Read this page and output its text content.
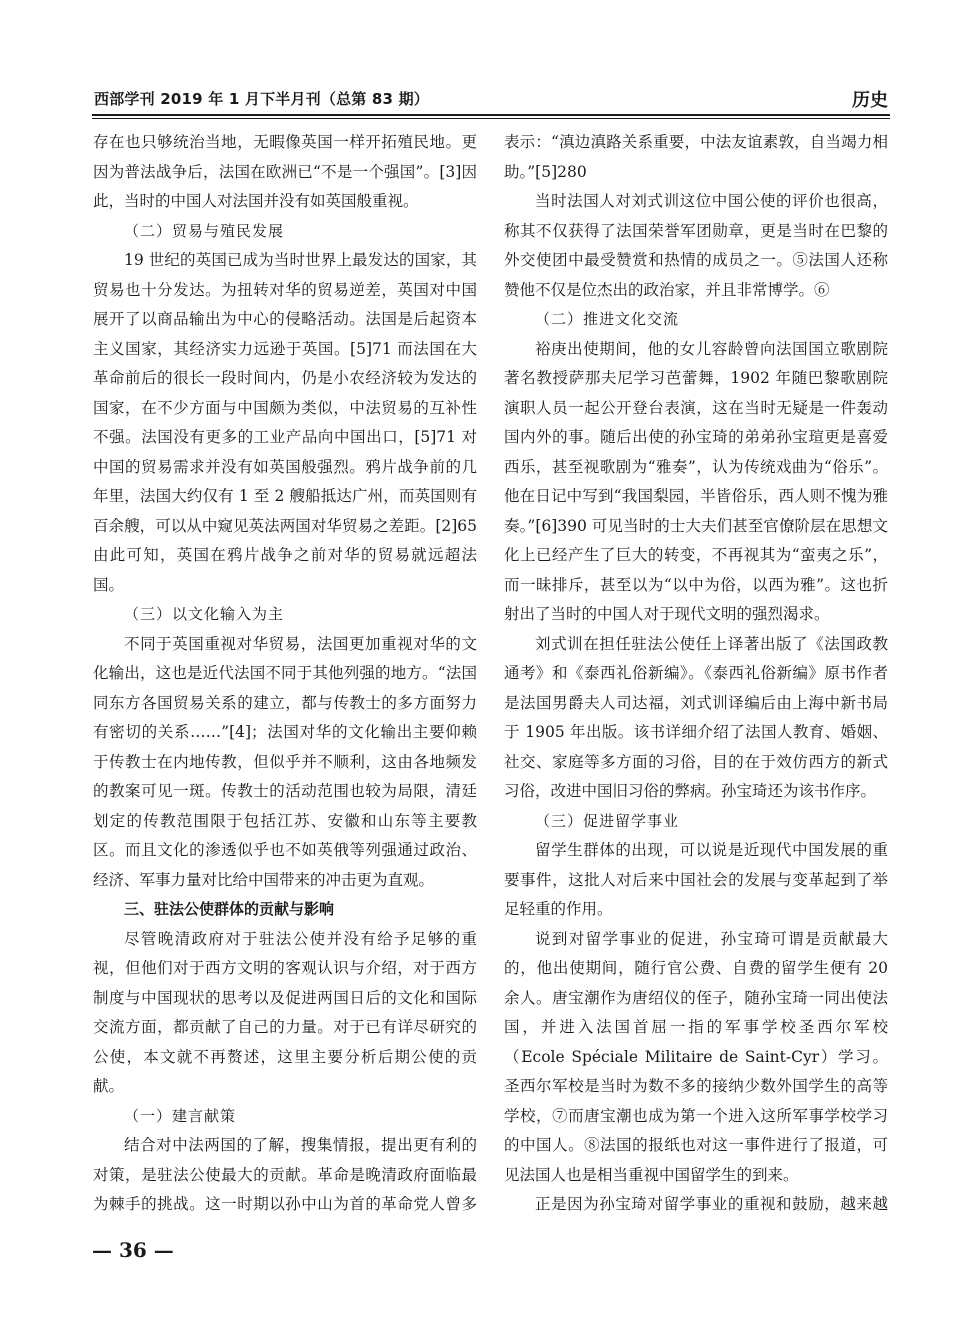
西部学刊 2019 年 1 月下半月刊（总第 83 期）	历史

存在也只够统治当地，无暇像英国一样开拓殖民地。更因为普法战争后，法国在欧洲已“不是一个强国”。[3]因此，当时的中国人对法国并没有如英国般重视。

（二）贸易与殖民发展

19 世纪的英国已成为当时世界上最发达的国家，其贸易也十分发达。为扭转对华的贸易逆差，英国对中国展开了以商品输出为中心的侵略活动。法国是后起资本主义国家，其经济实力远逊于英国。[5]71 而法国在大革命前后的很长一段时间内，仍是小农经济较为发达的国家，在不少方面与中国颇为类似，中法贸易的互补性不强。法国没有更多的工业产品向中国出口，[5]71 对中国的贸易需求并没有如英国般强烈。鸦片战争前的几年里，法国大约仅有 1 至 2 艘船抵达广州，而英国则有百余艘，可以从中窥见英法两国对华贸易之差距。[2]65 由此可知，英国在鸦片战争之前对华的贸易就远超法国。

（三）以文化输入为主

不同于英国重视对华贸易，法国更加重视对华的文化输出，这也是近代法国不同于其他列强的地方。“法国同东方各国贸易关系的建立，都与传教士的多方面努力有密切的关系……”[4]；法国对华的文化输出主要仰赖于传教士在内地传教，但似乎并不顺利，这由各地频发的教案可见一斑。传教士的活动范围也较为局限，清廷划定的传教范围限于包括江苏、安徽和山东等主要教区。而且文化的渗透似乎也不如英俄等列强通过政治、经济、军事力量对比给中国带来的冲击更为直观。

三、驻法公使群体的贡献与影响

尽管晚清政府对于驻法公使并没有给予足够的重视，但他们对于西方文明的客观认识与介绍，对于西方制度与中国现状的思考以及促进两国日后的文化和国际交流方面，都贡献了自己的力量。对于已有详尽研究的公使，本文就不再赘述，这里主要分析后期公使的贡献。

（一）建言献策

结合对中法两国的了解，搜集情报，提出更有利的对策，是驻法公使最大的贡献。革命是晚清政府面临最为棘手的挑战。这一时期以孙中山为首的革命党人曾多

表示：“滇边滇路关系重要，中法友谊素敦，自当竭力相助。”[5]280

当时法国人对刘式训这位中国公使的评价也很高，称其不仅获得了法国荣誉军团勋章，更是当时在巴黎的外交使团中最受赞赏和热情的成员之一。⑤法国人还称赞他不仅是位杰出的政治家，并且非常博学。⑥

（二）推进文化交流

裕庚出使期间，他的女儿容龄曾向法国国立歌剧院著名教授萨那夫尼学习芭蕾舞，1902 年随巴黎歌剧院演职人员一起公开登台表演，这在当时无疑是一件轰动国内外的事。随后出使的孙宝琦的弟弟孙宝瑄更是喜爱西乐，甚至视歌剧为“雅奏”，认为传统戏曲为“俗乐”。他在日记中写到“我国梨园，半皆俗乐，西人则不愧为雅奏。”[6]390 可见当时的士大夫们甚至官僚阶层在思想文化上已经产生了巨大的转变，不再视其为“蛮夷之乐”，而一昧排斥，甚至以为“以中为俗，以西为雅”。这也折射出了当时的中国人对于现代文明的强烈渴求。

刘式训在担任驻法公使任上译著出版了《法国政教通考》和《泰西礼俗新编》。《泰西礼俗新编》原书作者是法国男爵夫人司达福，刘式训译编后由上海中新书局于 1905 年出版。该书详细介绍了法国人教育、婚姻、社交、家庭等多方面的习俗，目的在于效仿西方的新式习俗，改进中国旧习俗的弊病。孙宝琦还为该书作序。

（三）促进留学事业

留学生群体的出现，可以说是近现代中国发展的重要事件，这批人对后来中国社会的发展与变革起到了举足轻重的作用。

说到对留学事业的促进，孙宝琦可谓是贡献最大的，他出使期间，随行官公费、自费的留学生便有 20 余人。唐宝潮作为唐绍仪的侄子，随孙宝琦一同出使法国，并进入法国首屈一指的军事学校圣西尔军校（Ecole Spéciale Militaire de Saint-Cyr）学习。圣西尔军校是当时为数不多的接纳少数外国学生的高等学校，⑦而唐宝潮也成为第一个进入这所军事学校学习的中国人。⑧法国的报纸也对这一事件进行了报道，可见法国人也是相当重视中国留学生的到来。

正是因为孙宝琦对留学事业的重视和鼓励，越来越

— 36 —
